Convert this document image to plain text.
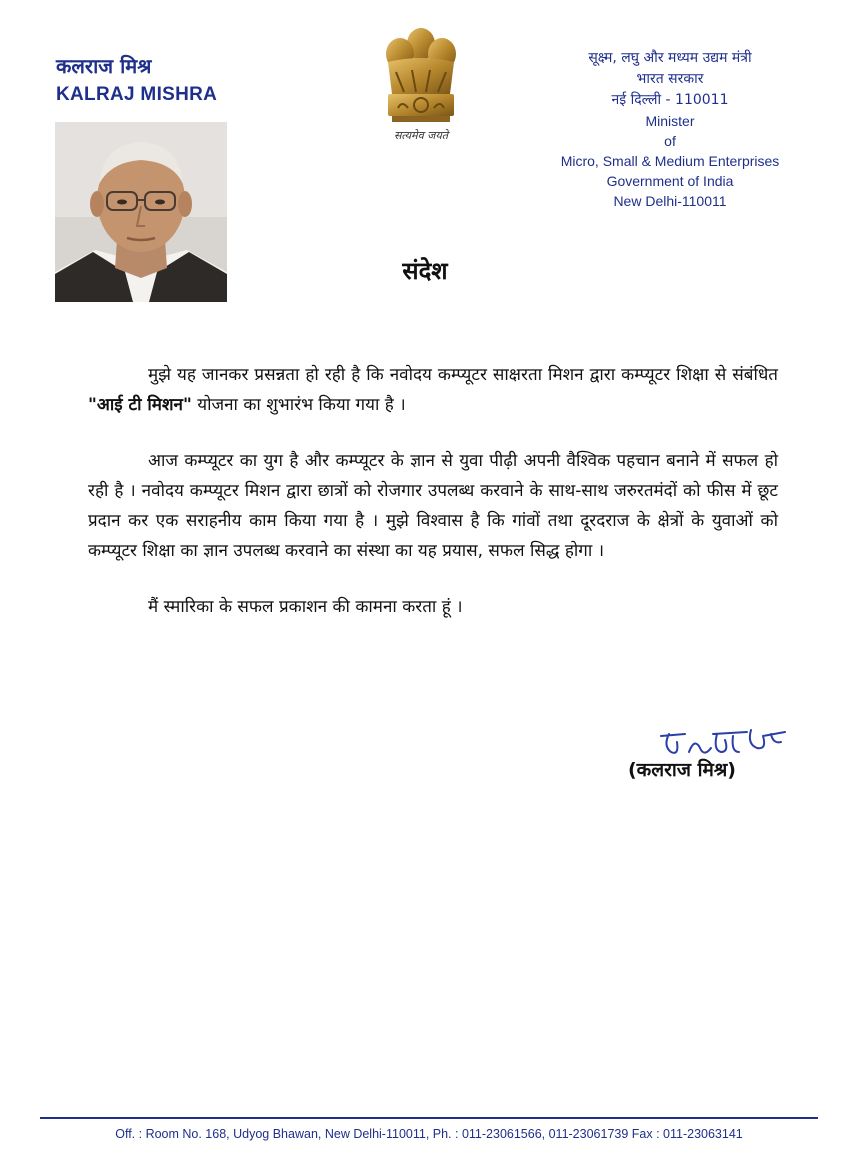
कलराज मिश्र
KALRAJ MISHRA
सत्यमेव जयते
सूक्ष्म, लघु और मध्यम उद्यम मंत्री
भारत सरकार
नई दिल्ली - 110011
Minister
of
Micro, Small & Medium Enterprises
Government of India
New Delhi-110011
संदेश

मुझे यह जानकर प्रसन्नता हो रही है कि नवोदय कम्प्यूटर साक्षरता मिशन द्वारा कम्प्यूटर शिक्षा से संबंधित "आई टी मिशन" योजना का शुभारंभ किया गया है ।

आज कम्प्यूटर का युग है और कम्प्यूटर के ज्ञान से युवा पीढ़ी अपनी वैश्विक पहचान बनाने में सफल हो रही है । नवोदय कम्प्यूटर मिशन द्वारा छात्रों को रोजगार उपलब्ध करवाने के साथ-साथ जरुरतमंदों को फीस में छूट प्रदान कर एक सराहनीय काम किया गया है । मुझे विश्वास है कि गांवों तथा दूरदराज के क्षेत्रों के युवाओं को कम्प्यूटर शिक्षा का ज्ञान उपलब्ध करवाने का संस्था का यह प्रयास, सफल सिद्ध होगा ।

मैं स्मारिका के सफल प्रकाशन की कामना करता हूं ।

(कलराज मिश्र)
Off. : Room No. 168, Udyog Bhawan, New Delhi-110011, Ph. : 011-23061566, 011-23061739 Fax : 011-23063141
